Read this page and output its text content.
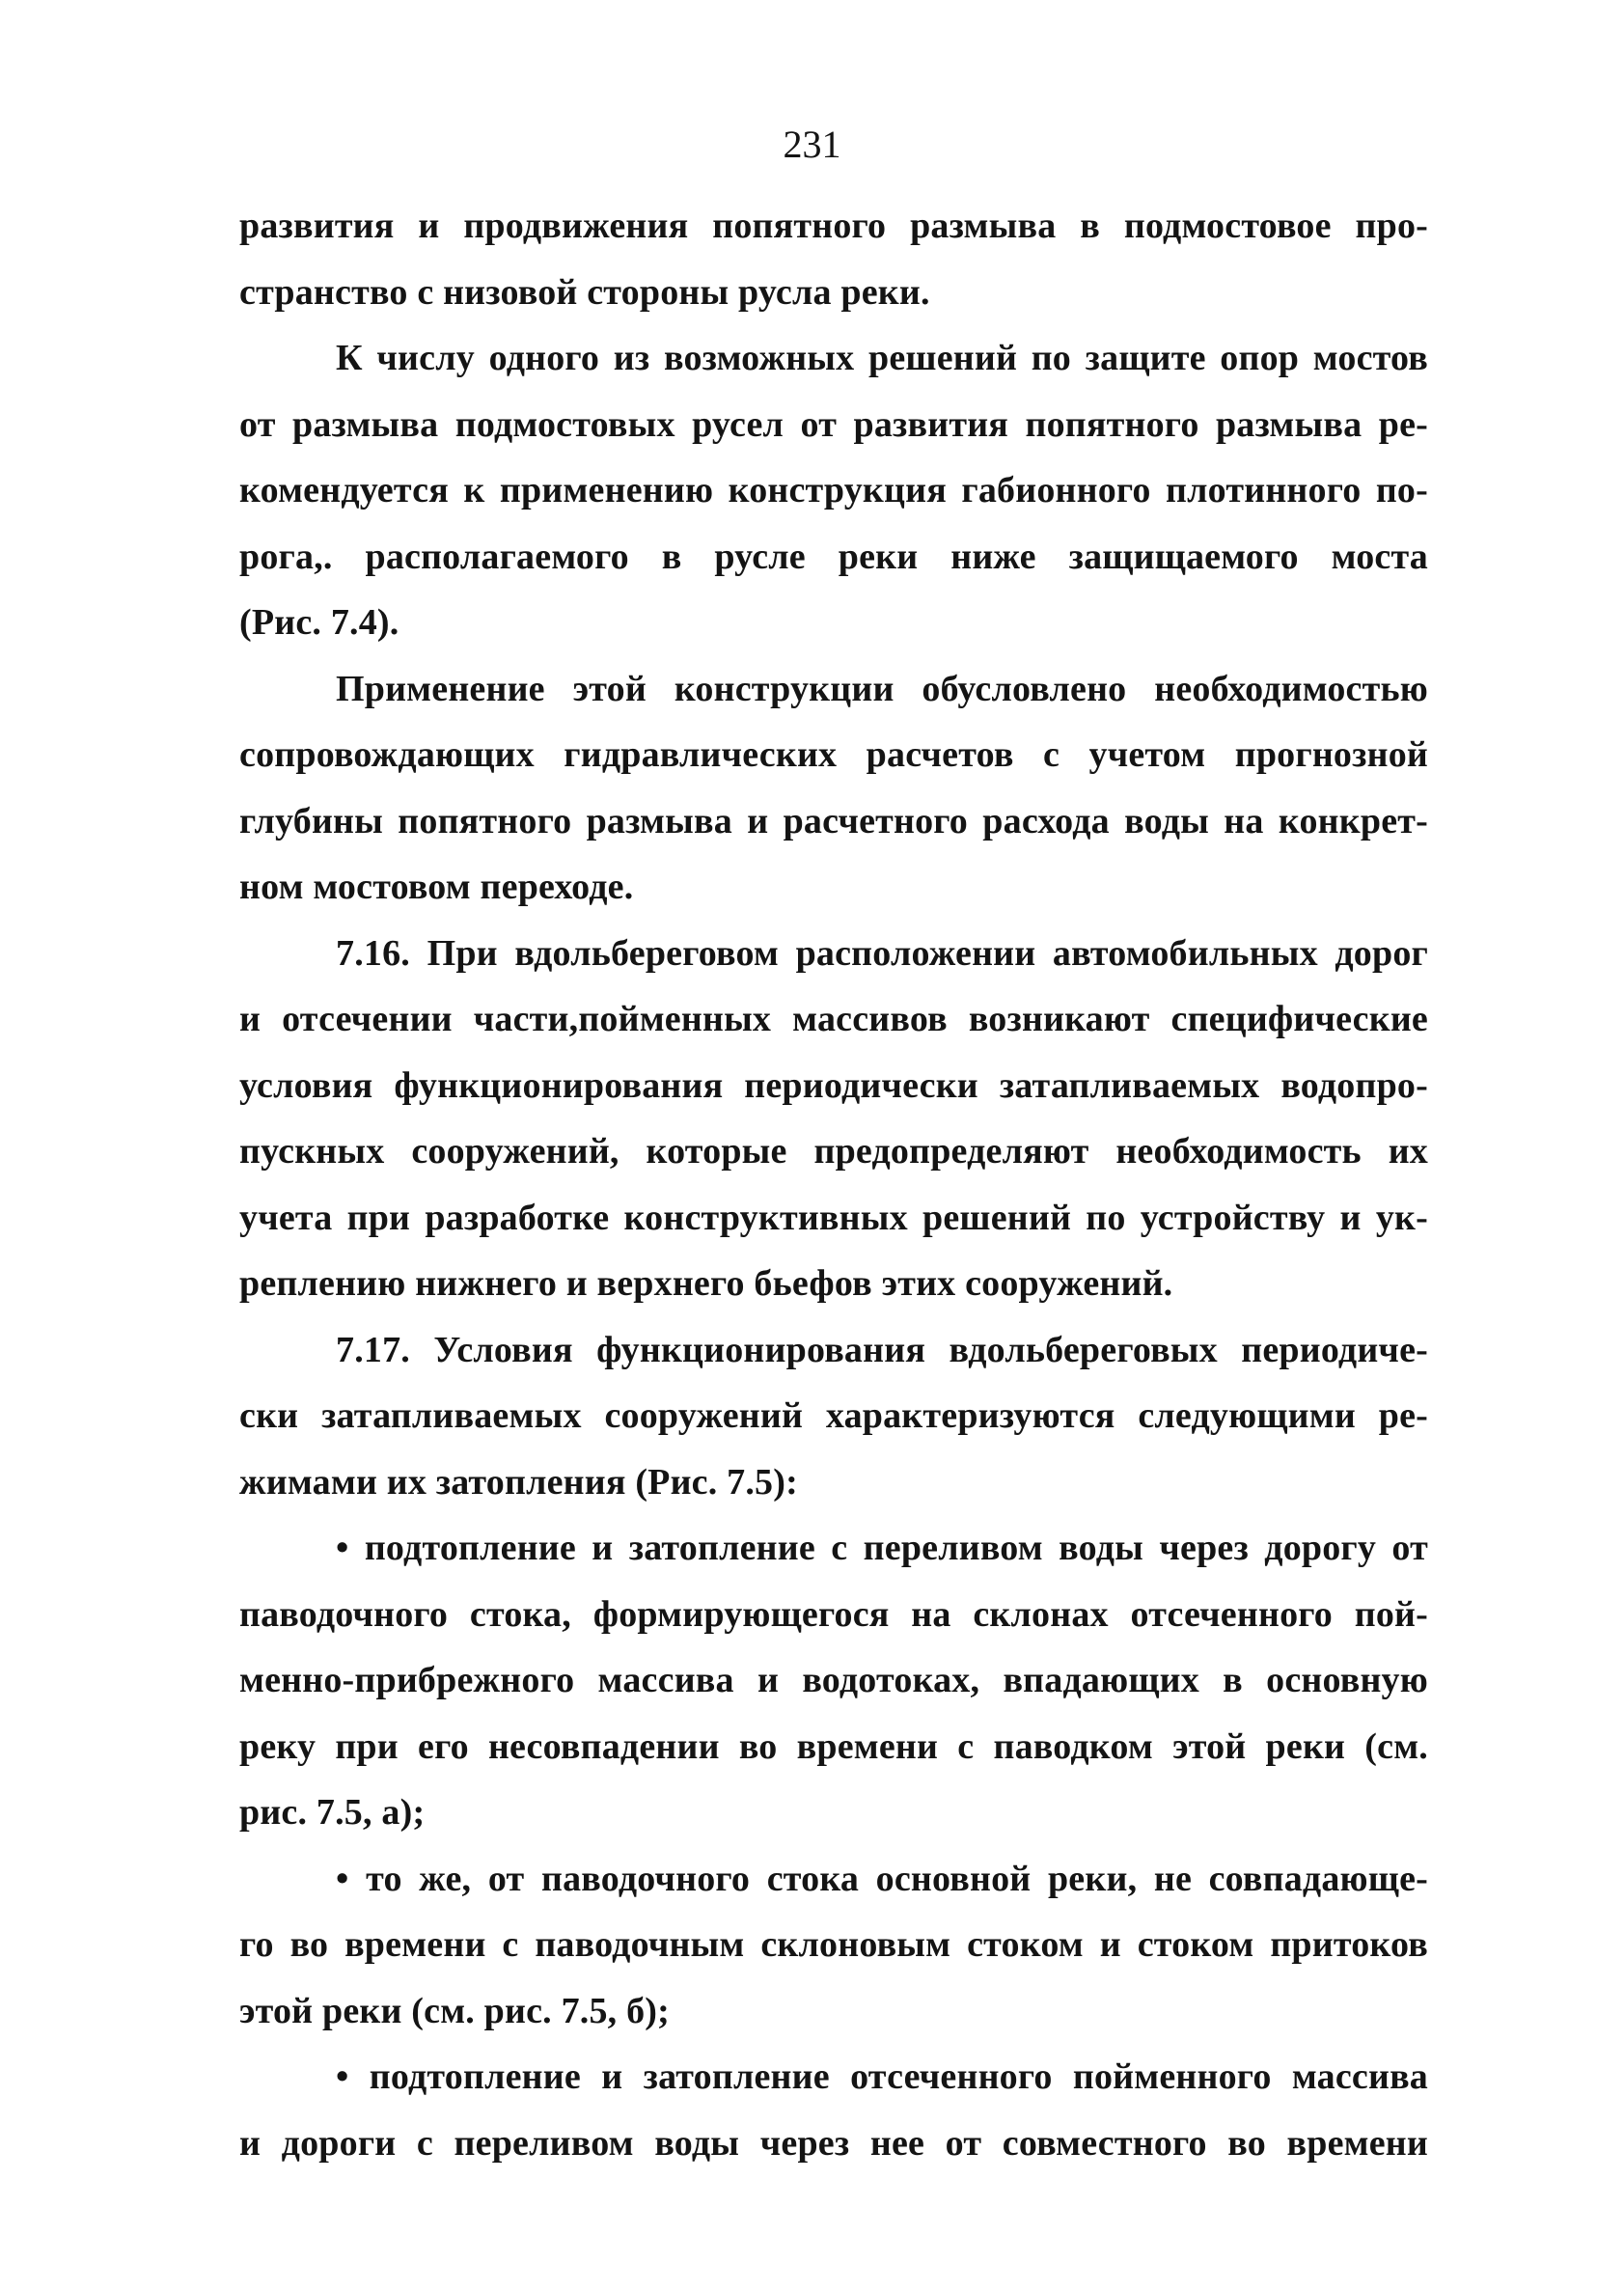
231
развития и продвижения попятного размыва в подмостовое про-
странство с низовой стороны русла реки.
К числу одного из возможных решений по защите опор мостов
от размыва подмостовых русел от развития попятного размыва ре-
комендуется к применению конструкция габионного плотинного по-
рога,. располагаемого в русле реки ниже защищаемого моста
(Рис. 7.4).
Применение этой конструкции обусловлено необходимостью
сопровождающих гидравлических расчетов с учетом прогнозной
глубины попятного размыва и расчетного расхода воды на конкрет-
ном мостовом переходе.
7.16. При вдольбереговом расположении автомобильных дорог
и отсечении части,пойменных массивов возникают специфические
условия функционирования периодически затапливаемых водопро-
пускных сооружений, которые предопределяют необходимость их
учета при разработке конструктивных решений по устройству и ук-
реплению нижнего и верхнего бьефов этих сооружений.
7.17. Условия функционирования вдольбереговых периодиче-
ски затапливаемых сооружений характеризуются следующими ре-
жимами их затопления (Рис. 7.5):
• подтопление и затопление с переливом воды через дорогу от
паводочного стока, формирующегося на склонах отсеченного пой-
менно-прибрежного массива и водотоках, впадающих в основную
реку при его несовпадении во времени с паводком этой реки (см.
рис. 7.5, а);
• то же, от паводочного стока основной реки, не совпадающе-
го во времени с паводочным склоновым стоком и стоком притоков
этой реки (см. рис. 7.5, б);
• подтопление и затопление отсеченного пойменного массива
и дороги с переливом воды через нее от совместного во времени
